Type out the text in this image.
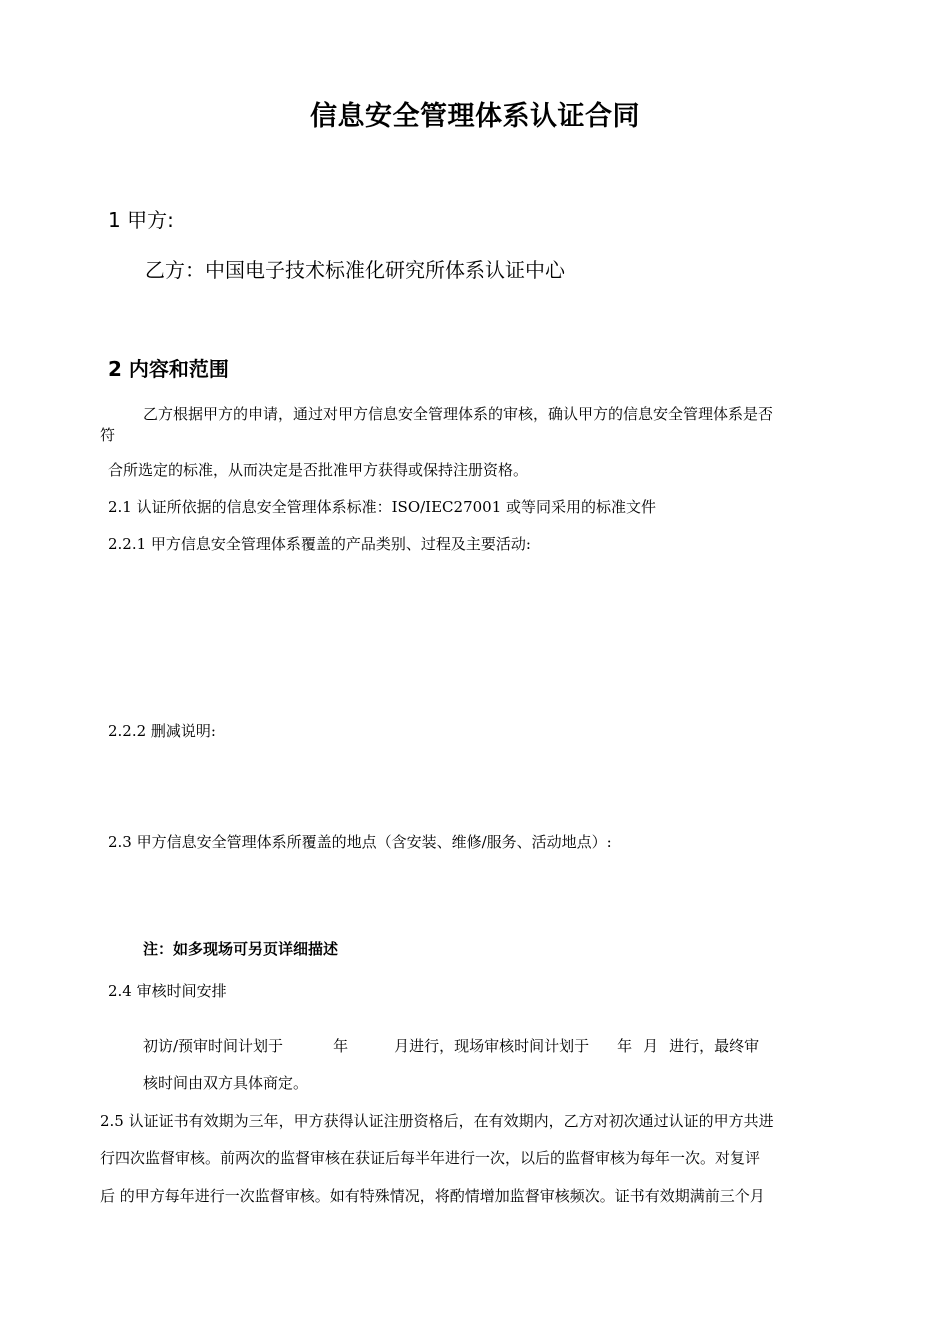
信息安全管理体系认证合同
1 甲方:
乙方：中国电子技术标准化研究所体系认证中心
2 内容和范围
乙方根据甲方的申请，通过对甲方信息安全管理体系的审核，确认甲方的信息安全管理体系是否
符
合所选定的标准，从而决定是否批准甲方获得或保持注册资格。
2.1 认证所依据的信息安全管理体系标准：ISO/IEC27001 或等同采用的标准文件
2.2.1 甲方信息安全管理体系覆盖的产品类别、过程及主要活动:
2.2.2 删减说明:
2.3 甲方信息安全管理体系所覆盖的地点（含安装、维修/服务、活动地点）:
注：如多现场可另页详细描述
2.4 审核时间安排
初访/预审时间计划于	年	月进行，现场审核时间计划于 年 月 进行，最终审
核时间由双方具体商定。
2.5 认证证书有效期为三年，甲方获得认证注册资格后，在有效期内，乙方对初次通过认证的甲方共进
行四次监督审核。前两次的监督审核在获证后每半年进行一次，以后的监督审核为每年一次。对复评
后 的甲方每年进行一次监督审核。如有特殊情况，将酌情增加监督审核频次。证书有效期满前三个月
